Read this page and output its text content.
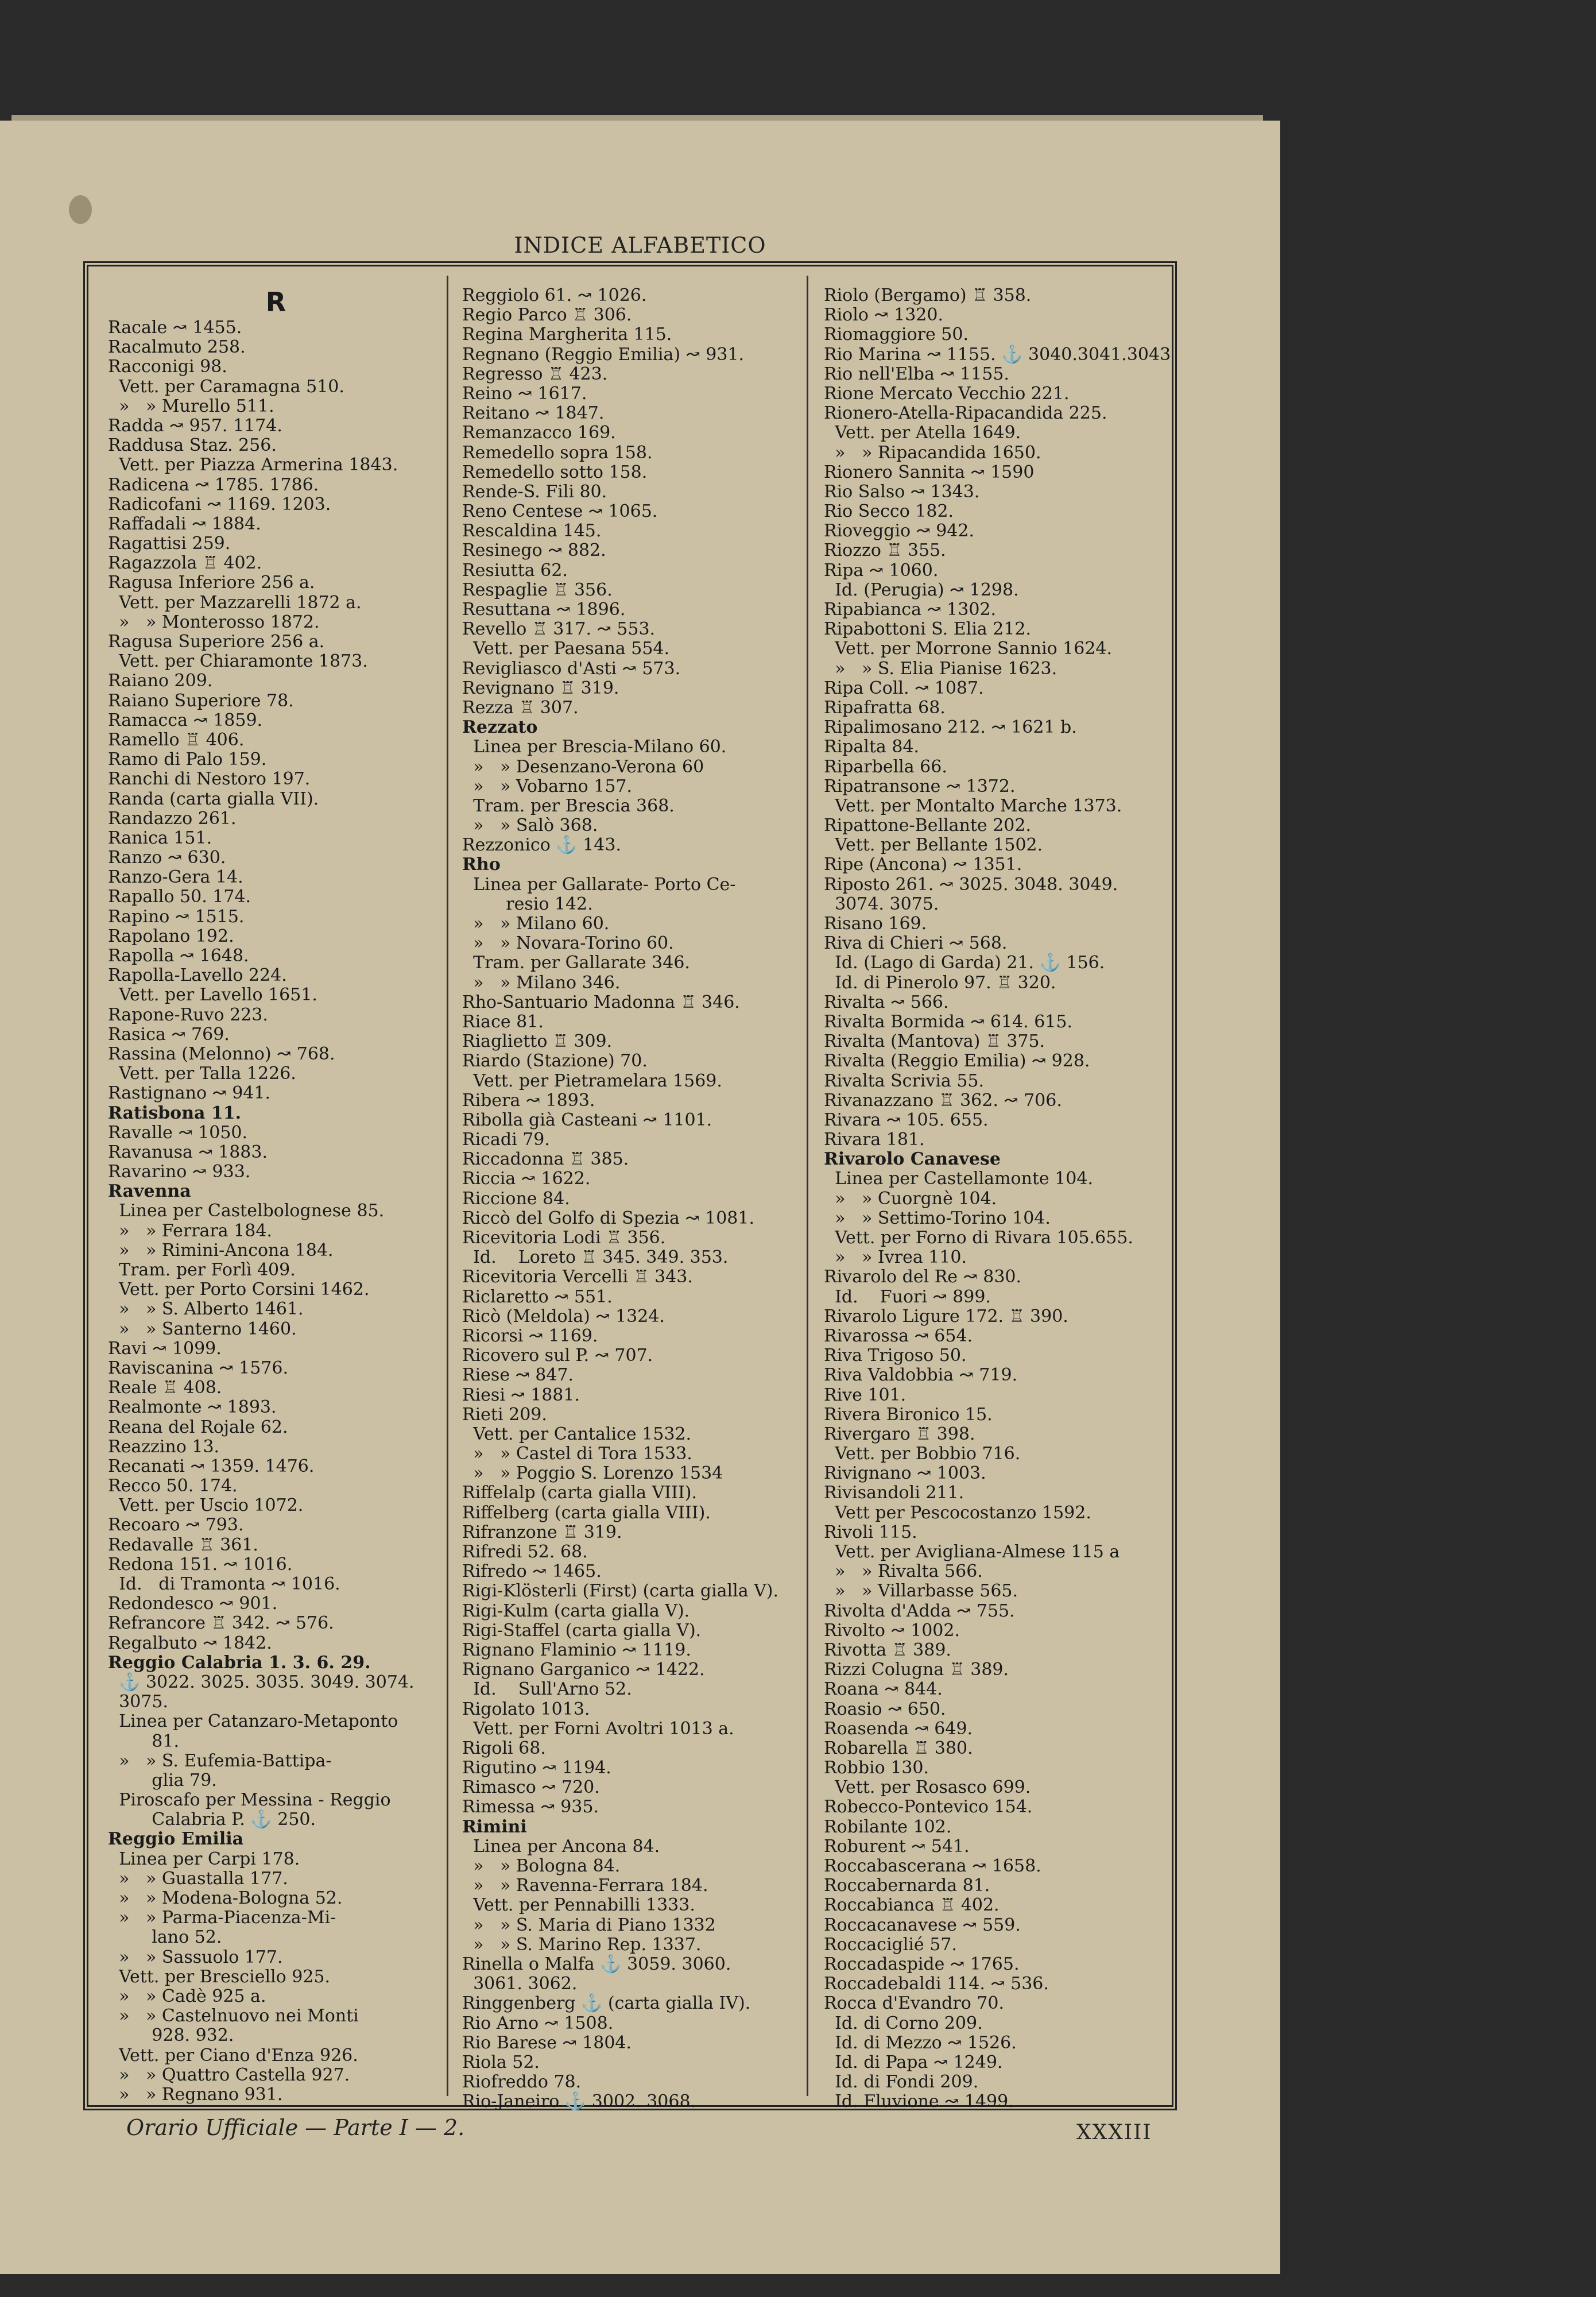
INDICE ALFABETICO
R
Racale ↝ 1455.
Racalmuto 258.
Racconigi 98.
Vett. per Caramagna 510.
»   » Murello 511.
Radda ↝ 957. 1174.
Raddusa Staz. 256.
Vett. per Piazza Armerina 1843.
Radicena ↝ 1785. 1786.
Radicofani ↝ 1169. 1203.
Raffadali ↝ 1884.
Ragattisi 259.
Ragazzola ♖ 402.
Ragusa Inferiore 256 a.
Vett. per Mazzarelli 1872 a.
»   » Monterosso 1872.
Ragusa Superiore 256 a.
Vett. per Chiaramonte 1873.
Raiano 209.
Raiano Superiore 78.
Ramacca ↝ 1859.
Ramello ♖ 406.
Ramo di Palo 159.
Ranchi di Nestoro 197.
Randa (carta gialla VII).
Randazzo 261.
Ranica 151.
Ranzo ↝ 630.
Ranzo-Gera 14.
Rapallo 50. 174.
Rapino ↝ 1515.
Rapolano 192.
Rapolla ↝ 1648.
Rapolla-Lavello 224.
Vett. per Lavello 1651.
Rapone-Ruvo 223.
Rasica ↝ 769.
Rassina (Melonno) ↝ 768.
Vett. per Talla 1226.
Rastignano ↝ 941.
Ratisbona 11.
Ravalle ↝ 1050.
Ravanusa ↝ 1883.
Ravarino ↝ 933.
Ravenna
Linea per Castelbolognese 85.
»   » Ferrara 184.
»   » Rimini-Ancona 184.
Tram. per Forlì 409.
Vett. per Porto Corsini 1462.
»   » S. Alberto 1461.
»   » Santerno 1460.
Ravi ↝ 1099.
Raviscanina ↝ 1576.
Reale ♖ 408.
Realmonte ↝ 1893.
Reana del Rojale 62.
Reazzino 13.
Recanati ↝ 1359. 1476.
Recco 50. 174.
Vett. per Uscio 1072.
Recoaro ↝ 793.
Redavalle ♖ 361.
Redona 151. ↝ 1016.
Id.   di Tramonta ↝ 1016.
Redondesco ↝ 901.
Refrancore ♖ 342. ↝ 576.
Regalbuto ↝ 1842.
Reggio Calabria 1. 3. 6. 29.
⚓ 3022. 3025. 3035. 3049. 3074.
3075.
Linea per Catanzaro-Metaponto
81.
»   » S. Eufemia-Battipa-
glia 79.
Piroscafo per Messina - Reggio
Calabria P. ⚓ 250.
Reggio Emilia
Linea per Carpi 178.
»   » Guastalla 177.
»   » Modena-Bologna 52.
»   » Parma-Piacenza-Mi-
lano 52.
»   » Sassuolo 177.
Vett. per Bresciello 925.
»   » Cadè 925 a.
»   » Castelnuovo nei Monti
928. 932.
Vett. per Ciano d'Enza 926.
»   » Quattro Castella 927.
»   » Regnano 931.
Reggiolo 61. ↝ 1026.
Regio Parco ♖ 306.
Regina Margherita 115.
Regnano (Reggio Emilia) ↝ 931.
Regresso ♖ 423.
Reino ↝ 1617.
Reitano ↝ 1847.
Remanzacco 169.
Remedello sopra 158.
Remedello sotto 158.
Rende-S. Fili 80.
Reno Centese ↝ 1065.
Rescaldina 145.
Resinego ↝ 882.
Resiutta 62.
Respaglie ♖ 356.
Resuttana ↝ 1896.
Revello ♖ 317. ↝ 553.
Vett. per Paesana 554.
Revigliasco d'Asti ↝ 573.
Revignano ♖ 319.
Rezza ♖ 307.
Rezzato
Linea per Brescia-Milano 60.
»   » Desenzano-Verona 60
»   » Vobarno 157.
Tram. per Brescia 368.
»   » Salò 368.
Rezzonico ⚓ 143.
Rho
Linea per Gallarate- Porto Ce-
resio 142.
»   » Milano 60.
»   » Novara-Torino 60.
Tram. per Gallarate 346.
»   » Milano 346.
Rho-Santuario Madonna ♖ 346.
Riace 81.
Riaglietto ♖ 309.
Riardo (Stazione) 70.
Vett. per Pietramelara 1569.
Ribera ↝ 1893.
Ribolla già Casteani ↝ 1101.
Ricadi 79.
Riccadonna ♖ 385.
Riccia ↝ 1622.
Riccione 84.
Riccò del Golfo di Spezia ↝ 1081.
Ricevitoria Lodi ♖ 356.
Id.    Loreto ♖ 345. 349. 353.
Ricevitoria Vercelli ♖ 343.
Riclaretto ↝ 551.
Ricò (Meldola) ↝ 1324.
Ricorsi ↝ 1169.
Ricovero sul P. ↝ 707.
Riese ↝ 847.
Riesi ↝ 1881.
Rieti 209.
Vett. per Cantalice 1532.
»   » Castel di Tora 1533.
»   » Poggio S. Lorenzo 1534
Riffelalp (carta gialla VIII).
Riffelberg (carta gialla VIII).
Rifranzone ♖ 319.
Rifredi 52. 68.
Rifredo ↝ 1465.
Rigi-Klösterli (First) (carta gialla V).
Rigi-Kulm (carta gialla V).
Rigi-Staffel (carta gialla V).
Rignano Flaminio ↝ 1119.
Rignano Garganico ↝ 1422.
Id.    Sull'Arno 52.
Rigolato 1013.
Vett. per Forni Avoltri 1013 a.
Rigoli 68.
Rigutino ↝ 1194.
Rimasco ↝ 720.
Rimessa ↝ 935.
Rimini
Linea per Ancona 84.
»   » Bologna 84.
»   » Ravenna-Ferrara 184.
Vett. per Pennabilli 1333.
»   » S. Maria di Piano 1332
»   » S. Marino Rep. 1337.
Rinella o Malfa ⚓ 3059. 3060.
3061. 3062.
Ringgenberg ⚓ (carta gialla IV).
Rio Arno ↝ 1508.
Rio Barese ↝ 1804.
Riola 52.
Riofreddo 78.
Rio-Janeiro ⚓ 3002. 3068.
Riolo (Bergamo) ♖ 358.
Riolo ↝ 1320.
Riomaggiore 50.
Rio Marina ↝ 1155. ⚓ 3040.3041.3043
Rio nell'Elba ↝ 1155.
Rione Mercato Vecchio 221.
Rionero-Atella-Ripacandida 225.
Vett. per Atella 1649.
»   » Ripacandida 1650.
Rionero Sannita ↝ 1590
Rio Salso ↝ 1343.
Rio Secco 182.
Rioveggio ↝ 942.
Riozzo ♖ 355.
Ripa ↝ 1060.
Id. (Perugia) ↝ 1298.
Ripabianca ↝ 1302.
Ripabottoni S. Elia 212.
Vett. per Morrone Sannio 1624.
»   » S. Elia Pianise 1623.
Ripa Coll. ↝ 1087.
Ripafratta 68.
Ripalimosano 212. ↝ 1621 b.
Ripalta 84.
Riparbella 66.
Ripatransone ↝ 1372.
Vett. per Montalto Marche 1373.
Ripattone-Bellante 202.
Vett. per Bellante 1502.
Ripe (Ancona) ↝ 1351.
Riposto 261. ↝ 3025. 3048. 3049.
3074. 3075.
Risano 169.
Riva di Chieri ↝ 568.
Id. (Lago di Garda) 21. ⚓ 156.
Id. di Pinerolo 97. ♖ 320.
Rivalta ↝ 566.
Rivalta Bormida ↝ 614. 615.
Rivalta (Mantova) ♖ 375.
Rivalta (Reggio Emilia) ↝ 928.
Rivalta Scrivia 55.
Rivanazzano ♖ 362. ↝ 706.
Rivara ↝ 105. 655.
Rivara 181.
Rivarolo Canavese
Linea per Castellamonte 104.
»   » Cuorgnè 104.
»   » Settimo-Torino 104.
Vett. per Forno di Rivara 105.655.
»   » Ivrea 110.
Rivarolo del Re ↝ 830.
Id.    Fuori ↝ 899.
Rivarolo Ligure 172. ♖ 390.
Rivarossa ↝ 654.
Riva Trigoso 50.
Riva Valdobbia ↝ 719.
Rive 101.
Rivera Bironico 15.
Rivergaro ♖ 398.
Vett. per Bobbio 716.
Rivignano ↝ 1003.
Rivisandoli 211.
Vett per Pescocostanzo 1592.
Rivoli 115.
Vett. per Avigliana-Almese 115 a
»   » Rivalta 566.
»   » Villarbasse 565.
Rivolta d'Adda ↝ 755.
Rivolto ↝ 1002.
Rivotta ♖ 389.
Rizzi Colugna ♖ 389.
Roana ↝ 844.
Roasio ↝ 650.
Roasenda ↝ 649.
Robarella ♖ 380.
Robbio 130.
Vett. per Rosasco 699.
Robecco-Pontevico 154.
Robilante 102.
Roburent ↝ 541.
Roccabascerana ↝ 1658.
Roccabernarda 81.
Roccabianca ♖ 402.
Roccacanavese ↝ 559.
Roccaciglié 57.
Roccadaspide ↝ 1765.
Roccadebaldi 114. ↝ 536.
Rocca d'Evandro 70.
Id. di Corno 209.
Id. di Mezzo ↝ 1526.
Id. di Papa ↝ 1249.
Id. di Fondi 209.
Id. Fluvione ↝ 1499.
Orario Ufficiale — Parte I — 2.	XXXIII
